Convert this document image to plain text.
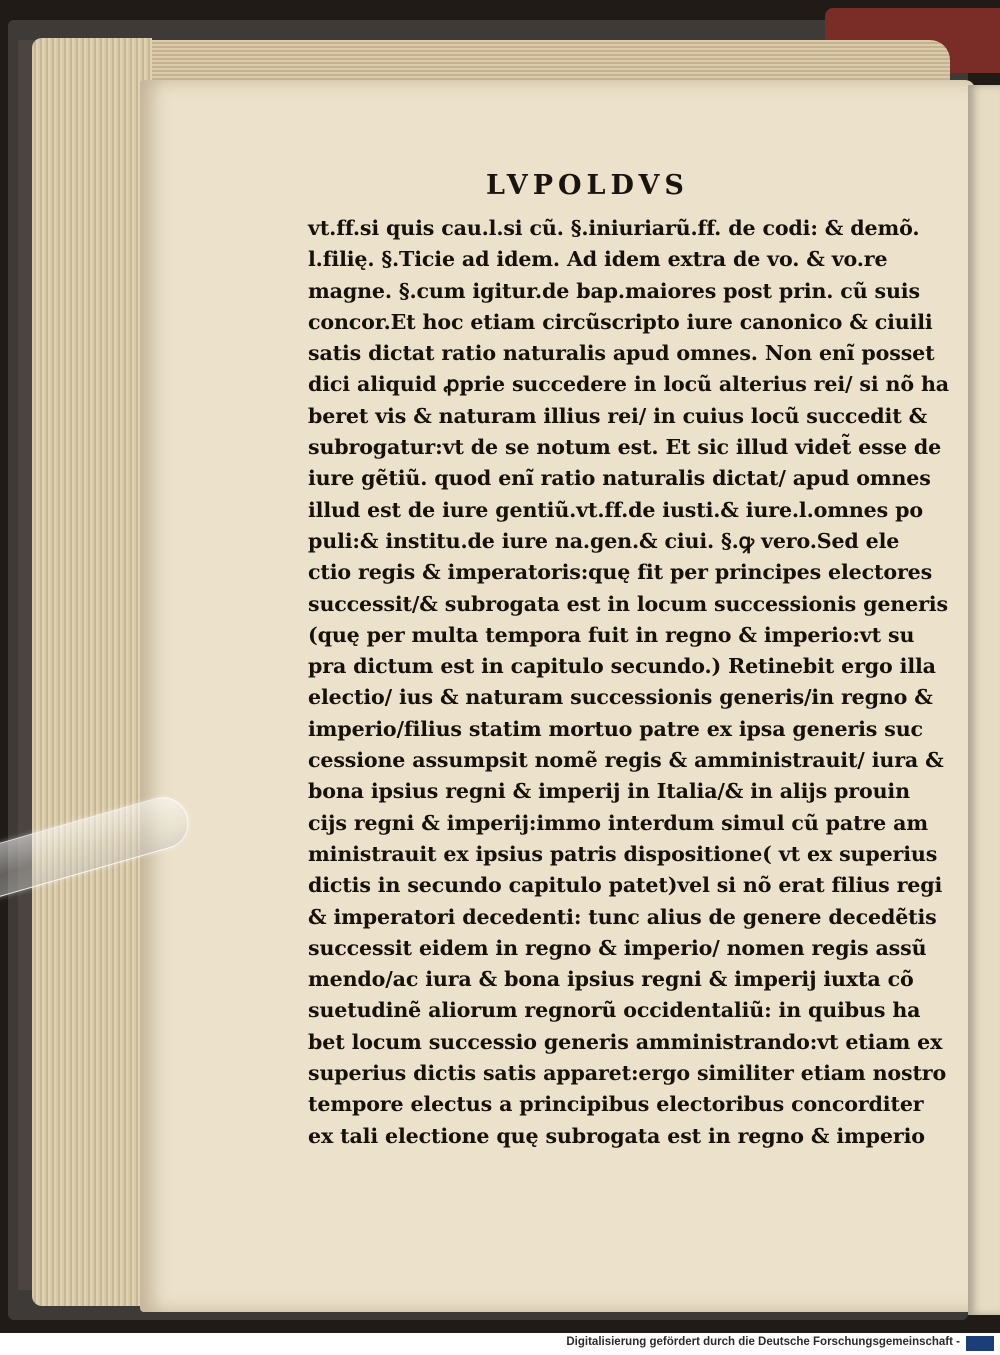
LVPOLDVS
vt.ff.si quis cau.l.si cũ. §.iniuriarũ.ff. de codi: & demõ.
l.filię. §.Ticie ad idem. Ad idem extra de vo. & vo.re
magne. §.cum igitur.de bap.maiores post prin. cũ suis
concor.Et hoc etiam circũscripto iure canonico & ciuili
satis dictat ratio naturalis apud omnes. Non enĩ posset
dici aliquid ꝓprie succedere in locũ alterius rei/ si nõ ha
beret vis & naturam illius rei/ in cuius locũ succedit &
subrogatur:vt de se notum est. Et sic illud videt̃ esse de
iure gẽtiũ. quod enĩ ratio naturalis dictat/ apud omnes
illud est de iure gentiũ.vt.ff.de iusti.& iure.l.omnes po
puli:& institu.de iure na.gen.& ciui. §.ꝙ vero.Sed ele
ctio regis & imperatoris:quę fit per principes electores
successit/& subrogata est in locum successionis generis
(quę per multa tempora fuit in regno & imperio:vt su
pra dictum est in capitulo secundo.) Retinebit ergo illa
electio/ ius & naturam successionis generis/in regno &
imperio/filius statim mortuo patre ex ipsa generis suc
cessione assumpsit nomẽ regis & amministrauit/ iura &
bona ipsius regni & imperij in Italia/& in alijs prouin
cijs regni & imperij:immo interdum simul cũ patre am
ministrauit ex ipsius patris dispositione( vt ex superius
dictis in secundo capitulo patet)vel si nõ erat filius regi
& imperatori decedenti: tunc alius de genere decedẽtis
successit eidem in regno & imperio/ nomen regis assũ
mendo/ac iura & bona ipsius regni & imperij iuxta cõ
suetudinẽ aliorum regnorũ occidentaliũ: in quibus ha
bet locum successio generis amministrando:vt etiam ex
superius dictis satis apparet:ergo similiter etiam nostro
tempore electus a principibus electoribus concorditer
ex tali electione quę subrogata est in regno & imperio
Digitalisierung gefördert durch die Deutsche Forschungsgemeinschaft -
